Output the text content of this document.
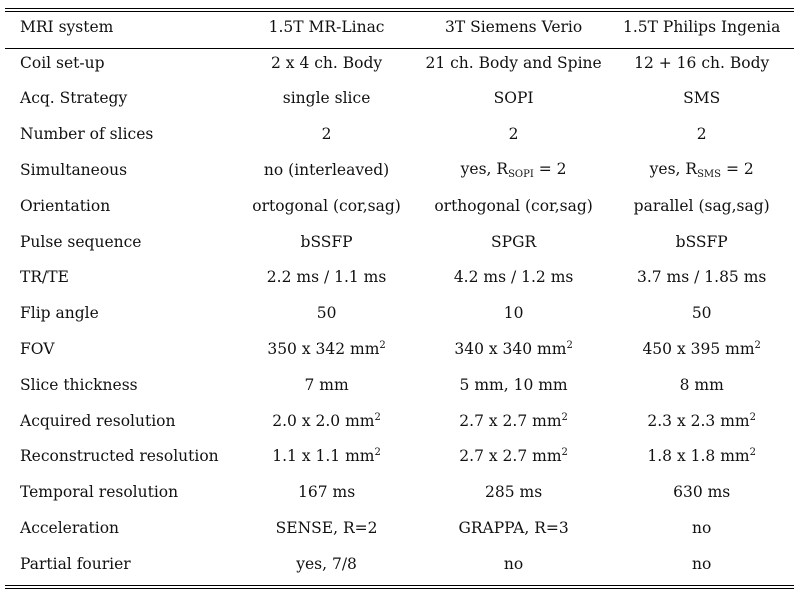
MRI system	1.5T MR-Linac	3T Siemens Verio	1.5T Philips Ingenia
Coil set-up	2 x 4 ch. Body	21 ch. Body and Spine	12 + 16 ch. Body
Acq. Strategy	single slice	SOPI	SMS
Number of slices	2	2	2
Simultaneous	no (interleaved)	yes, $R_{SOPI} = 2$	yes, $R_{SMS} = 2$
Orientation	ortogonal (cor,sag)	orthogonal (cor,sag)	parallel (sag,sag)
Pulse sequence	bSSFP	SPGR	bSSFP
TR/TE	2.2 ms / 1.1 ms	4.2 ms / 1.2 ms	3.7 ms / 1.85 ms
Flip angle	50	10	50
FOV	350 x 342 $mm^2$	340 x 340 $mm^2$	450 x 395 $mm^2$
Slice thickness	7 mm	5 mm, 10 mm	8 mm
Acquired resolution	2.0 x 2.0 $mm^2$	2.7 x 2.7 $mm^2$	2.3 x 2.3 $mm^2$
Reconstructed resolution	1.1 x 1.1 $mm^2$	2.7 x 2.7 $mm^2$	1.8 x 1.8 $mm^2$
Temporal resolution	167 ms	285 ms	630 ms
Acceleration	SENSE, R=2	GRAPPA, R=3	no
Partial fourier	yes, 7/8	no	no
